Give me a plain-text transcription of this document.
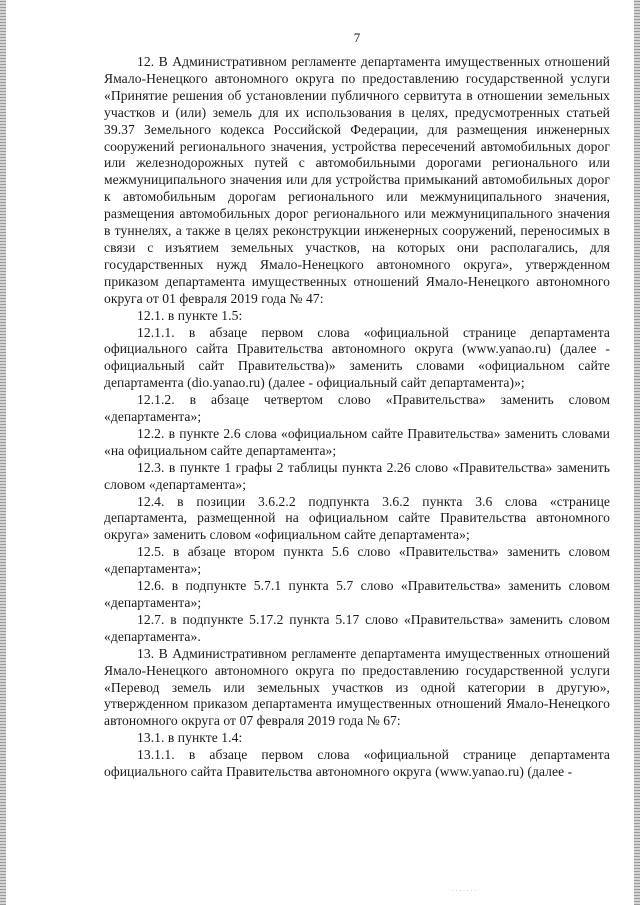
7

12. В Административном регламенте департамента имущественных отношений Ямало-Ненецкого автономного округа по предоставлению государственной услуги «Принятие решения об установлении публичного сервитута в отношении земельных участков и (или) земель для их использования в целях, предусмотренных статьей 39.37 Земельного кодекса Российской Федерации, для размещения инженерных сооружений регионального значения, устройства пересечений автомобильных дорог или железнодорожных путей с автомобильными дорогами регионального или межмуниципального значения или для устройства примыканий автомобильных дорог к автомобильным дорогам регионального или межмуниципального значения, размещения автомобильных дорог регионального или межмуниципального значения в туннелях, а также в целях реконструкции инженерных сооружений, переносимых в связи с изъятием земельных участков, на которых они располагались, для государственных нужд Ямало-Ненецкого автономного округа», утвержденном приказом департамента имущественных отношений Ямало-Ненецкого автономного округа от 01 февраля 2019 года № 47:

12.1. в пункте 1.5:

12.1.1. в абзаце первом слова «официальной странице департамента официального сайта Правительства автономного округа (www.yanao.ru) (далее - официальный сайт Правительства)» заменить словами «официальном сайте департамента (dio.yanao.ru) (далее - официальный сайт департамента)»;

12.1.2. в абзаце четвертом слово «Правительства» заменить словом «департамента»;

12.2. в пункте 2.6 слова «официальном сайте Правительства» заменить словами «на официальном сайте департамента»;

12.3. в пункте 1 графы 2 таблицы пункта 2.26 слово «Правительства» заменить словом «департамента»;

12.4. в позиции 3.6.2.2 подпункта 3.6.2 пункта 3.6 слова «странице департамента, размещенной на официальном сайте Правительства автономного округа» заменить словом «официальном сайте департамента»;

12.5. в абзаце втором пункта 5.6 слово «Правительства» заменить словом «департамента»;

12.6. в подпункте 5.7.1 пункта 5.7 слово «Правительства» заменить словом «департамента»;

12.7. в подпункте 5.17.2 пункта 5.17 слово «Правительства» заменить словом «департамента».

13. В Административном регламенте департамента имущественных отношений Ямало-Ненецкого автономного округа по предоставлению государственной услуги «Перевод земель или земельных участков из одной категории в другую», утвержденном приказом департамента имущественных отношений Ямало-Ненецкого автономного округа от 07 февраля 2019 года № 67:

13.1. в пункте 1.4:

13.1.1. в абзаце первом слова «официальной странице департамента официального сайта Правительства автономного округа (www.yanao.ru) (далее -

· · · · · · ·
